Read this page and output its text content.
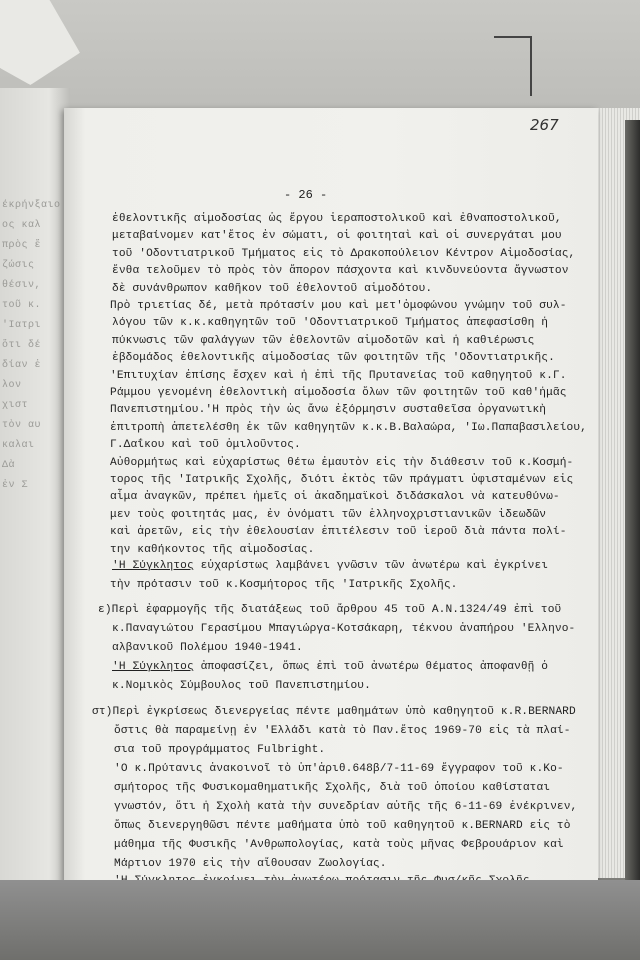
έκρήνξαιο
ος καλ
πρὸς ἔ
ζώσις
θέσιν,
τοῦ κ.
'Ιατρι
ὅτι δέ
δίαν ἐ
λον
χιστ
τὸν αυ
καλαι
Δὰ
ἐν Σ
267
- 26 -
ἐθελοντικῆς αἱμοδοσίας ὡς ἔργου ἱεραποστολικοῦ καὶ ἐθναποστολικοῦ,
μεταβαίνομεν κατ'ἔτος ἐν σώματι, οἱ φοιτηταὶ καὶ οἱ συνεργάται μου
τοῦ 'Οδοντιατρικοῦ Τμήματος εἰς τὸ Δρακοπούλειον Κέντρον Αἱμοδοσίας,
ἔνθα τελοῦμεν τὸ πρὸς τὸν ἄπορον πάσχοντα καὶ κινδυνεύοντα ἄγνωστον
δὲ συνάνθρωπον καθῆκον τοῦ ἐθελοντοῦ αἱμοδότου.
Πρὸ τριετίας δέ, μετὰ πρότασίν μου καὶ μετ'ὁμοφώνου γνώμην τοῦ συλ-
λόγου τῶν κ.κ.καθηγητῶν τοῦ 'Οδοντιατρικοῦ Τμήματος ἀπεφασίσθη ἡ
πύκνωσις τῶν φαλάγγων τῶν ἐθελοντῶν αἱμοδοτῶν καὶ ἡ καθιέρωσις
ἑβδομάδος ἐθελοντικῆς αἱμοδοσίας τῶν φοιτητῶν τῆς 'Οδοντιατρικῆς.
'Επιτυχίαν ἐπίσης ἔσχεν καὶ ἡ ἐπὶ τῆς Πρυτανείας τοῦ καθηγητοῦ κ.Γ.
Ράμμου γενομένη ἐθελοντικὴ αἱμοδοσία ὅλων τῶν φοιτητῶν τοῦ καθ'ἡμᾶς
Πανεπιστημίου.'Η πρὸς τὴν ὡς ἄνω ἐξόρμησιν συσταθεῖσα ὀργανωτικὴ
ἐπιτροπὴ ἀπετελέσθη ἐκ τῶν καθηγητῶν κ.κ.Β.Βαλαώρα, 'Ιω.Παπαβασιλείου,
Γ.Δαΐκου καὶ τοῦ ὁμιλοῦντος.
Αὐθορμήτως καὶ εὐχαρίστως θέτω ἐμαυτὸν εἰς τὴν διάθεσιν τοῦ κ.Κοσμή-
τορος τῆς 'Ιατρικῆς Σχολῆς, διότι ἐκτὸς τῶν πράγματι ὑφισταμένων εἰς
αἷμα ἀναγκῶν, πρέπει ἡμεῖς οἱ ἀκαδημαϊκοὶ διδάσκαλοι νὰ κατευθύνω-
μεν τοὺς φοιτητάς μας, ἐν ὀνόματι τῶν ἑλληνοχριστιανικῶν ἰδεωδῶν
καὶ ἀρετῶν, εἰς τὴν ἐθελουσίαν ἐπιτέλεσιν τοῦ ἱεροῦ διὰ πάντα πολί-
την καθήκοντος τῆς αἱμοδοσίας.
'Η Σύγκλητος εὐχαρίστως λαμβάνει γνῶσιν τῶν ἀνωτέρω καὶ ἐγκρίνει
τὴν πρότασιν τοῦ κ.Κοσμήτορος τῆς 'Ιατρικῆς Σχολῆς.
ε)Περὶ ἐφαρμογῆς τῆς διατάξεως τοῦ ἄρθρου 45 τοῦ Α.Ν.1324/49 ἐπὶ τοῦ
κ.Παναγιώτου Γερασίμου Μπαγιώργα-Κοτσάκαρη, τέκνου ἀναπήρου 'Ελληνο-
αλβανικοῦ Πολέμου 1940-1941.
'Η Σύγκλητος ἀποφασίζει, ὅπως ἐπὶ τοῦ ἀνωτέρω θέματος ἀποφανθῇ ὁ
κ.Νομικὸς Σύμβουλος τοῦ Πανεπιστημίου.
στ)Περὶ ἐγκρίσεως διενεργείας πέντε μαθημάτων ὑπὸ καθηγητοῦ κ.R.BERNARD
ὅστις θὰ παραμείνῃ ἐν 'Ελλάδι κατὰ τὸ Παν.ἔτος 1969-70 εἰς τὰ πλαί-
σια τοῦ προγράμματος Fulbright.
'Ο κ.Πρύτανις ἀνακοινοῖ τὸ ὑπ'ἀριθ.648β/7-11-69 ἔγγραφον τοῦ κ.Κο-
σμήτορος τῆς Φυσικομαθηματικῆς Σχολῆς, διὰ τοῦ ὁποίου καθίσταται
γνωστόν, ὅτι ἡ Σχολὴ κατὰ τὴν συνεδρίαν αὐτῆς τῆς 6-11-69 ἐνέκρινεν,
ὅπως διενεργηθῶσι πέντε μαθήματα ὑπὸ τοῦ καθηγητοῦ κ.BERNARD εἰς τὸ
μάθημα τῆς Φυσικῆς 'Ανθρωπολογίας, κατὰ τοὺς μῆνας Φεβρουάριον καὶ
Μάρτιον 1970 εἰς τὴν αἴθουσαν Ζωολογίας.
